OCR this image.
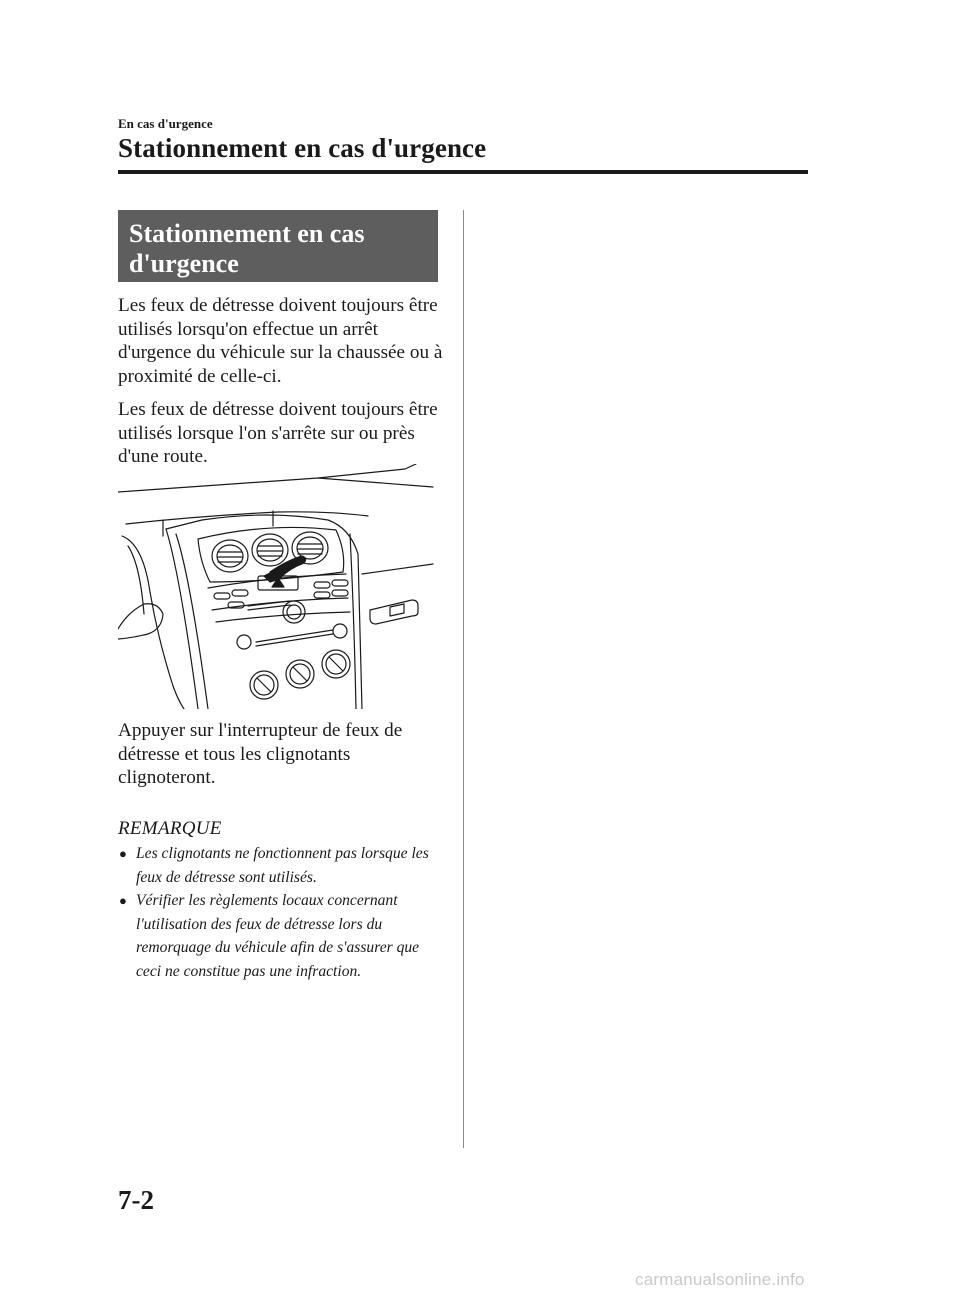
En cas d'urgence
Stationnement en cas d'urgence
Stationnement en cas
d'urgence
Les feux de détresse doivent toujours être utilisés lorsqu'on effectue un arrêt d'urgence du véhicule sur la chaussée ou à proximité de celle-ci.
Les feux de détresse doivent toujours être utilisés lorsque l'on s'arrête sur ou près d'une route.
Appuyer sur l'interrupteur de feux de détresse et tous les clignotants clignoteront.
REMARQUE
● Les clignotants ne fonctionnent pas lorsque les feux de détresse sont utilisés.
● Vérifier les règlements locaux concernant l'utilisation des feux de détresse lors du remorquage du véhicule afin de s'assurer que ceci ne constitue pas une infraction.
7-2
carmanualsonline.info
